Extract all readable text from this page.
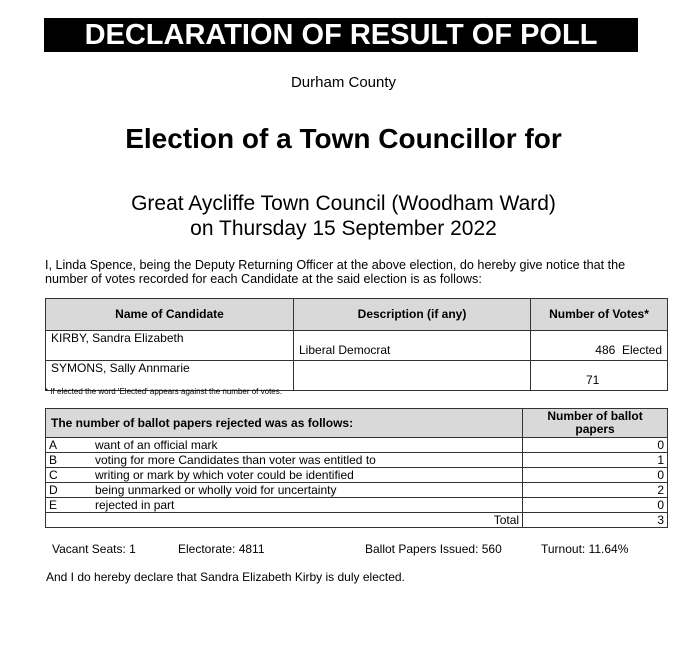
DECLARATION OF RESULT OF POLL
Durham County
Election of a Town Councillor for
Great Aycliffe Town Council (Woodham Ward)
on Thursday 15 September 2022
I, Linda Spence, being the Deputy Returning Officer at the above election, do hereby give notice that the number of votes recorded for each Candidate at the said election is as follows:
Name of Candidate	Description (if any)	Number of Votes*
KIRBY, Sandra Elizabeth	Liberal Democrat	486 Elected
SYMONS, Sally Annmarie		71
* If elected the word 'Elected' appears against the number of votes.
The number of ballot papers rejected was as follows:		Number of ballot papers
A	want of an official mark	0
B	voting for more Candidates than voter was entitled to	1
C	writing or mark by which voter could be identified	0
D	being unmarked or wholly void for uncertainty	2
E	rejected in part	0
Total		3
Vacant Seats: 1	Electorate: 4811	Ballot Papers Issued: 560	Turnout: 11.64%
And I do hereby declare that Sandra Elizabeth Kirby is duly elected.
